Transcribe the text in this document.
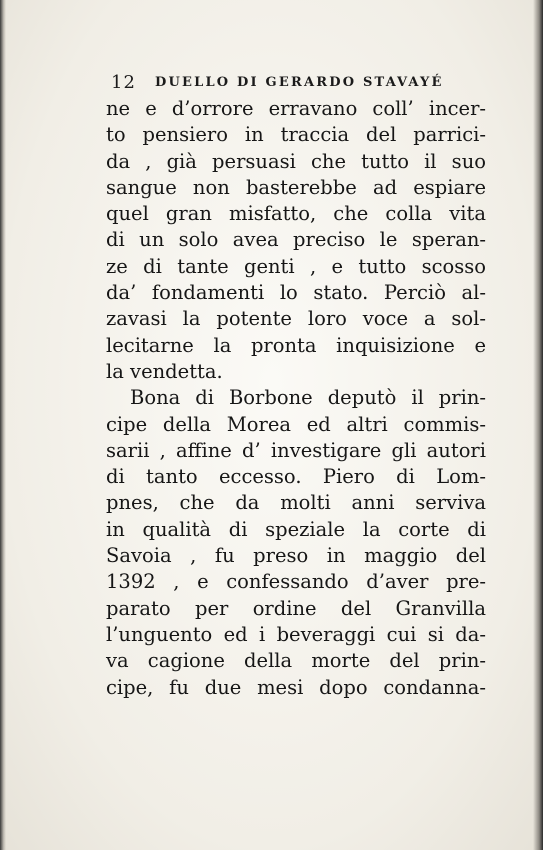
12 DUELLO DI GERARDO STAVAYÉ
ne e d’orrore erravano coll’ incer-
to pensiero in traccia del parrici-
da , già persuasi che tutto il suo
sangue non basterebbe ad espiare
quel gran misfatto, che colla vita
di un solo avea preciso le speran-
ze di tante genti , e tutto scosso
da’ fondamenti lo stato. Perciò al-
zavasi la potente loro voce a sol-
lecitarne la pronta inquisizione e
la vendetta.
Bona di Borbone deputò il prin-
cipe della Morea ed altri commis-
sarii , affine d’ investigare gli autori
di tanto eccesso. Piero di Lom-
pnes, che da molti anni serviva
in qualità di speziale la corte di
Savoia , fu preso in maggio del
1392 , e confessando d’aver pre-
parato per ordine del Granvilla
l’unguento ed i beveraggi cui si da-
va cagione della morte del prin-
cipe, fu due mesi dopo condanna-
